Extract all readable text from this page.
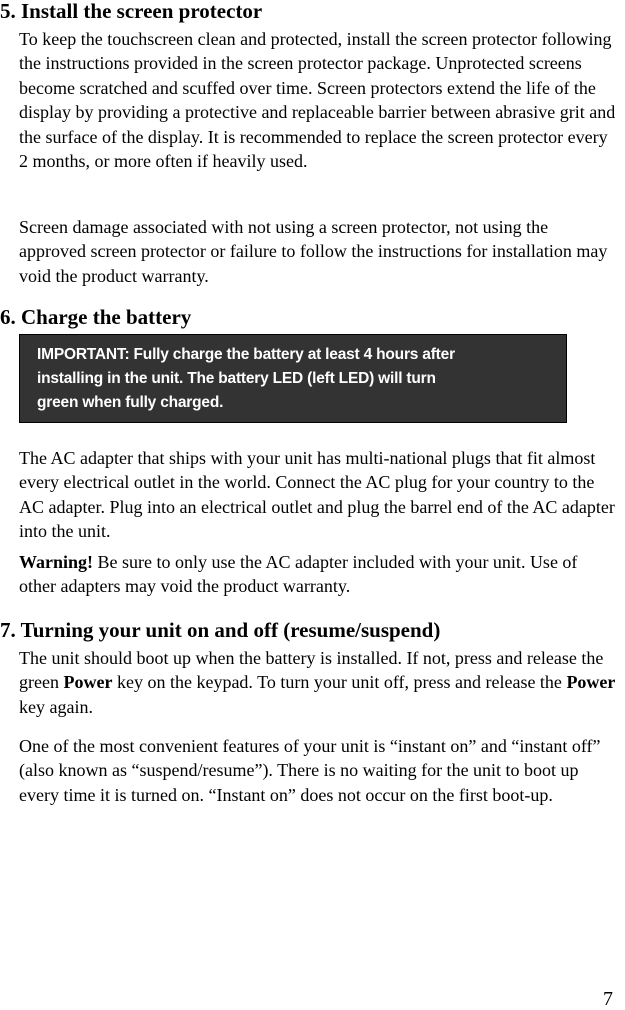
5. Install the screen protector

To keep the touchscreen clean and protected, install the screen protector following the instructions provided in the screen protector package. Unprotected screens become scratched and scuffed over time. Screen protectors extend the life of the display by providing a protective and replaceable barrier between abrasive grit and the surface of the display. It is recommended to replace the screen protector every 2 months, or more often if heavily used.

Screen damage associated with not using a screen protector, not using the approved screen protector or failure to follow the instructions for installation may void the product warranty.

6. Charge the battery
IMPORTANT: Fully charge the battery at least 4 hours after
installing in the unit. The battery LED (left LED) will turn
green when fully charged.

The AC adapter that ships with your unit has multi-national plugs that fit almost every electrical outlet in the world. Connect the AC plug for your country to the AC adapter. Plug into an electrical outlet and plug the barrel end of the AC adapter into the unit.

Warning! Be sure to only use the AC adapter included with your unit. Use of other adapters may void the product warranty.

7. Turning your unit on and off (resume/suspend)

The unit should boot up when the battery is installed. If not, press and release the green Power key on the keypad. To turn your unit off, press and release the Power key again.

One of the most convenient features of your unit is “instant on” and “instant off” (also known as “suspend/resume”). There is no waiting for the unit to boot up every time it is turned on. “Instant on” does not occur on the first boot-up.

7
